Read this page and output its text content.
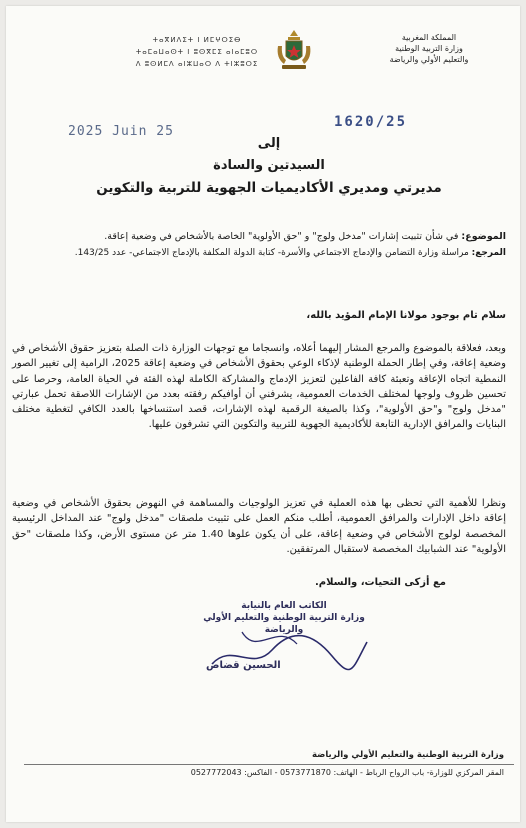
المملكة المغربية
وزارة التربية الوطنية
والتعليم الأولي والرياضة
ⵜⴰⴳⵍⴷⵉⵜ ⵏ ⵍⵎⵖⵔⵉⴱ
ⵜⴰⵎⴰⵡⴰⵙⵜ ⵏ ⵓⵙⴳⵎⵉ ⴰⵏⴰⵎⵓⵔ
ⴷ ⵓⵙⵍⵎⴷ ⴰⵏⵣⵡⴰⵔ ⴷ ⵜⵏⵣⵓⵔⵉ
2025 Juin 25
1620/25
إلى
السيدتين والسادة
مديرتي ومديري الأكاديميات الجهوية للتربية والتكوين
الموضوع: في شأن تثبيت إشارات "مدخل ولوج" و "حق الأولوية" الخاصة بالأشخاص في وضعية إعاقة.
المرجع: مراسلة وزارة التضامن والإدماج الاجتماعي والأسرة- كتابة الدولة المكلفة بالإدماج الاجتماعي- عدد 143/25.
سلام تام بوجود مولانا الإمام المؤيد بالله،
وبعد، فعلاقة بالموضوع والمرجع المشار إليهما أعلاه، وانسجاما مع توجهات الوزارة ذات الصلة بتعزيز حقوق الأشخاص في وضعية إعاقة، وفي إطار الحملة الوطنية لإذكاء الوعي بحقوق الأشخاص في وضعية إعاقة 2025، الرامية إلى تغيير الصور النمطية اتجاه الإعاقة وتعبئة كافة الفاعلين لتعزيز الإدماج والمشاركة الكاملة لهذه الفئة في الحياة العامة، وحرصا على تحسين ظروف ولوجها لمختلف الخدمات العمومية، يشرفني أن أوافيكم رفقته بعدد من الإشارات اللاصقة تحمل عبارتي "مدخل ولوج" و"حق الأولوية"، وكذا بالصيغة الرقمية لهذه الإشارات، قصد استنساخها بالعدد الكافي لتغطية مختلف البنايات والمرافق الإدارية التابعة للأكاديمية الجهوية للتربية والتكوين التي تشرفون عليها.
ونظرا للأهمية التي تحظى بها هذه العملية في تعزيز الولوجيات والمساهمة في النهوض بحقوق الأشخاص في وضعية إعاقة داخل الإدارات والمرافق العمومية، أطلب منكم العمل على تثبيت ملصقات "مدخل ولوج" عند المداخل الرئيسية المخصصة لولوج الأشخاص في وضعية إعاقة، على أن يكون علوها 1.40 متر عن مستوى الأرض، وكذا ملصقات "حق الأولوية" عند الشبابيك المخصصة لاستقبال المرتفقين.
مع أزكى التحيات، والسلام.
الكاتب العام بالنيابة
وزارة التربية الوطنية والتعليم الأولي
والرياضة
الحسين قضاض
وزارة التربية الوطنية والتعليم الأولي والرياضة
المقر المركزي للوزارة- باب الرواح الرباط - الهاتف: 0573771870 - الفاكس: 0527772043
